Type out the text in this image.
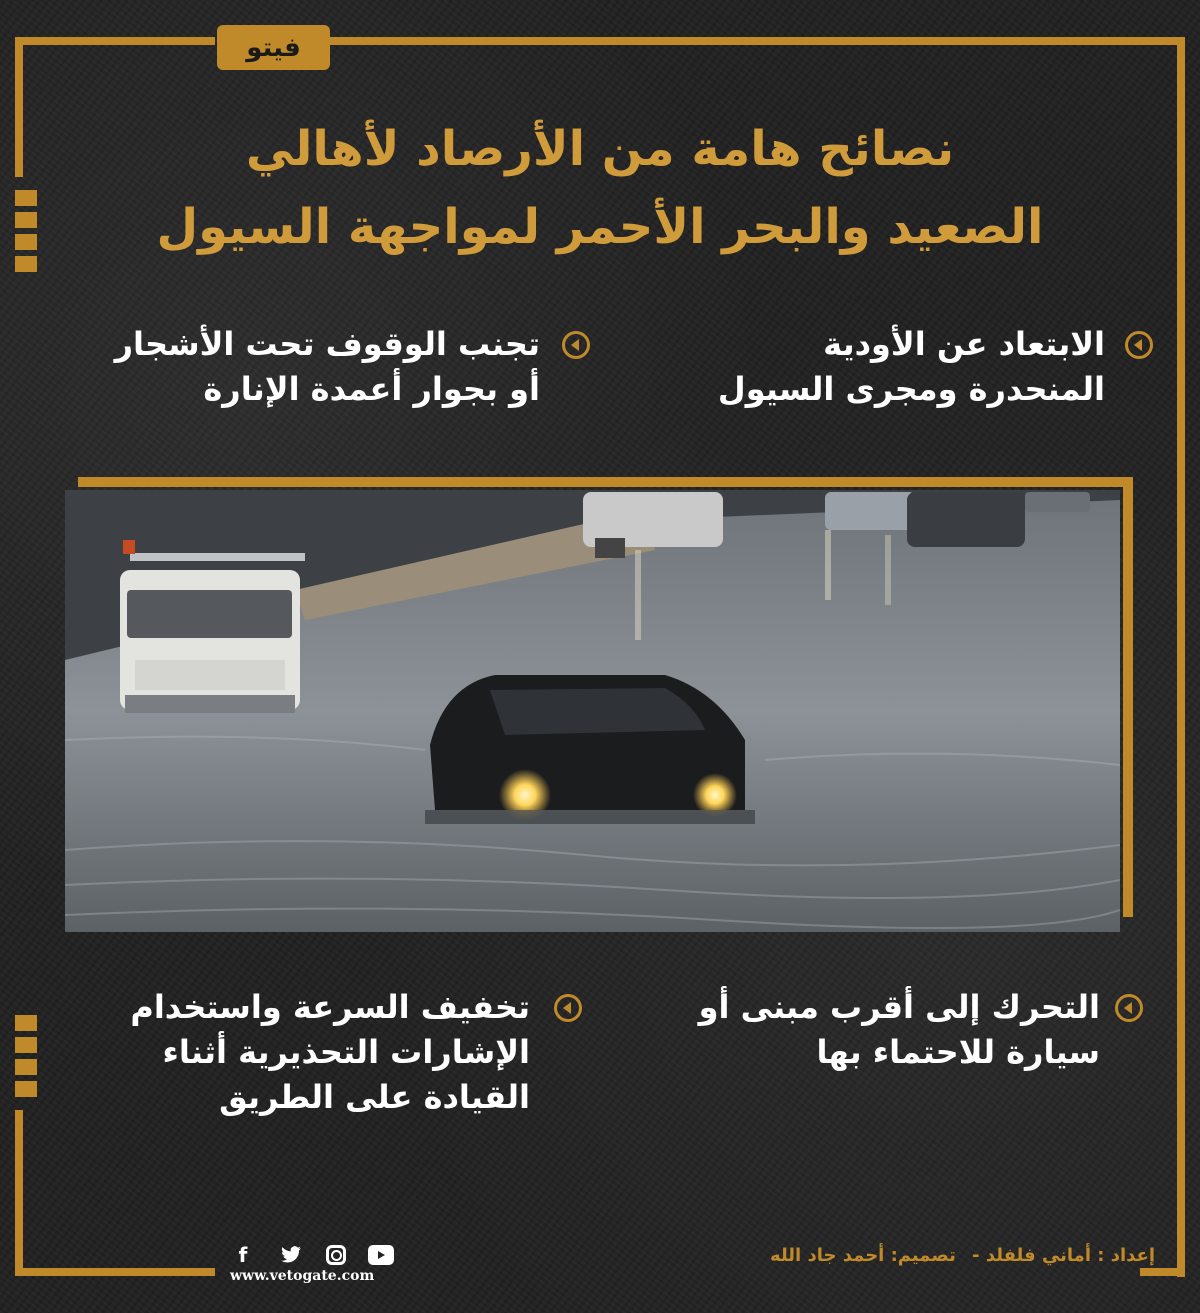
فيتو
نصائح هامة من الأرصاد لأهالي
الصعيد والبحر الأحمر لمواجهة السيول
الابتعاد عن الأودية
المنحدرة ومجرى السيول
تجنب الوقوف تحت الأشجار
أو بجوار أعمدة الإنارة
التحرك إلى أقرب مبنى أو
سيارة للاحتماء بها
تخفيف السرعة واستخدام
الإشارات التحذيرية أثناء
القيادة على الطريق
إعداد : أماني فلفلد - تصميم: أحمد جاد الله
f
www.vetogate.com
